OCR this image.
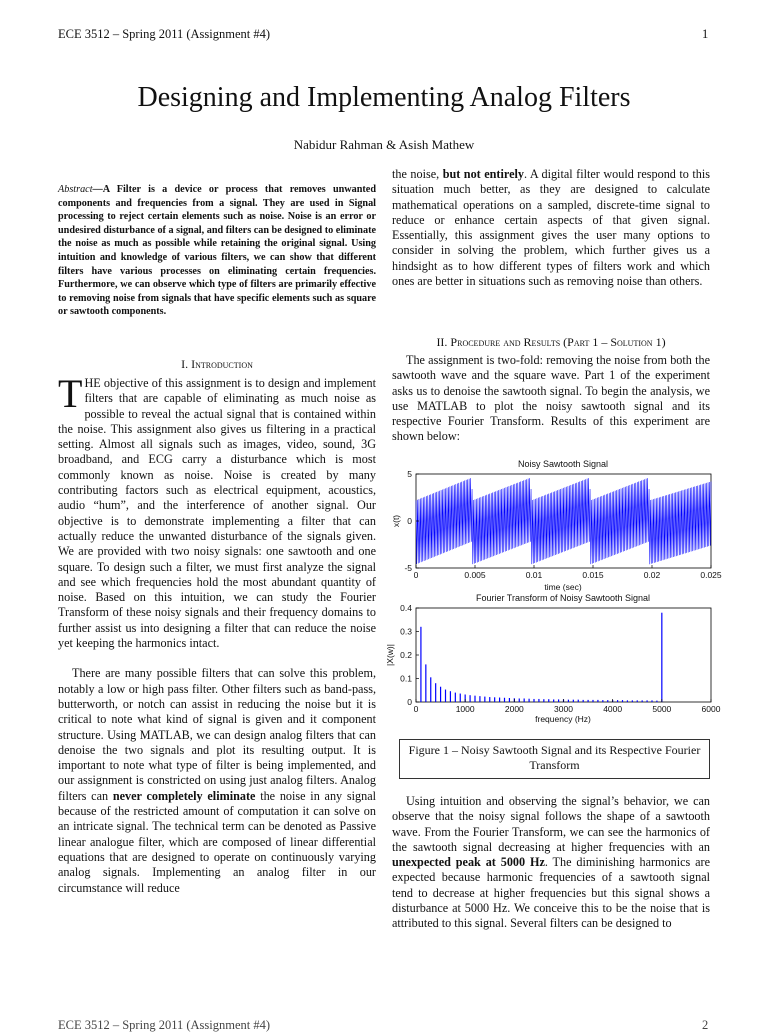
ECE 3512 – Spring 2011 (Assignment #4)	1
Designing and Implementing Analog Filters
Nabidur Rahman & Asish Mathew
Abstract—A Filter is a device or process that removes unwanted components and frequencies from a signal. They are used in Signal processing to reject certain elements such as noise. Noise is an error or undesired disturbance of a signal, and filters can be designed to eliminate the noise as much as possible while retaining the original signal. Using intuition and knowledge of various filters, we can show that different filters have various processes on eliminating certain frequencies. Furthermore, we can observe which type of filters are primarily effective to removing noise from signals that have specific elements such as square or sawtooth components.
I. Introduction

THE objective of this assignment is to design and implement filters that are capable of eliminating as much noise as possible to reveal the actual signal that is contained within the noise. This assignment also gives us filtering in a practical setting. Almost all signals such as images, video, sound, 3G broadband, and ECG carry a disturbance which is most commonly known as noise. Noise is created by many contributing factors such as electrical equipment, acoustics, audio “hum”, and the interference of another signal. Our objective is to demonstrate implementing a filter that can actually reduce the unwanted disturbance of the signals given. We are provided with two noisy signals: one sawtooth and one square. To design such a filter, we must first analyze the signal and see which frequencies hold the most abundant quantity of noise. Based on this intuition, we can study the Fourier Transform of these noisy signals and their frequency domains to further assist us into designing a filter that can reduce the noise yet keeping the harmonics intact.

There are many possible filters that can solve this problem, notably a low or high pass filter. Other filters such as band-pass, butterworth, or notch can assist in reducing the noise but it is critical to note what kind of signal is given and it component structure. Using MATLAB, we can design analog filters that can denoise the two signals and plot its resulting output. It is important to note what type of filter is being implemented, and our assignment is constricted on using just analog filters. Analog filters can never completely eliminate the noise in any signal because of the restricted amount of computation it can solve on an intricate signal. The technical term can be denoted as Passive linear analogue filter, which are composed of linear differential equations that are designed to operate on continuously varying analog signals. Implementing an analog filter in our circumstance will reduce

the noise, but not entirely. A digital filter would respond to this situation much better, as they are designed to calculate mathematical operations on a sampled, discrete-time signal to reduce or enhance certain aspects of that given signal. Essentially, this assignment gives the user many options to consider in solving the problem, which further gives us a hindsight as to how different types of filters work and which ones are better in situations such as removing noise than others.

II. Procedure and Results (Part 1 – Solution 1)

The assignment is two-fold: removing the noise from both the sawtooth wave and the square wave. Part 1 of the experiment asks us to denoise the sawtooth signal. To begin the analysis, we use MATLAB to plot the noisy sawtooth signal and its respective Fourier Transform. Results of this experiment are shown below:

Noisy Sawtooth Signal
0	0.005	0.01	0.015	0.02	0.025
5
0
-5
time (sec)
x(t)
Fourier Transform of Noisy Sawtooth Signal
0	1000	2000	3000	4000	5000	6000
0.4
0.3
0.2
0.1
0
frequency (Hz)
|X(w)|
Figure 1 – Noisy Sawtooth Signal and its Respective Fourier Transform

Using intuition and observing the signal’s behavior, we can observe that the noisy signal follows the shape of a sawtooth wave. From the Fourier Transform, we can see the harmonics of the sawtooth signal decreasing at higher frequencies with an unexpected peak at 5000 Hz. The diminishing harmonics are expected because harmonic frequencies of a sawtooth signal tend to decrease at higher frequencies but this signal shows a disturbance at 5000 Hz. We conceive this to be the noise that is attributed to this signal. Several filters can be designed to

ECE 3512 – Spring 2011 (Assignment #4)	2
